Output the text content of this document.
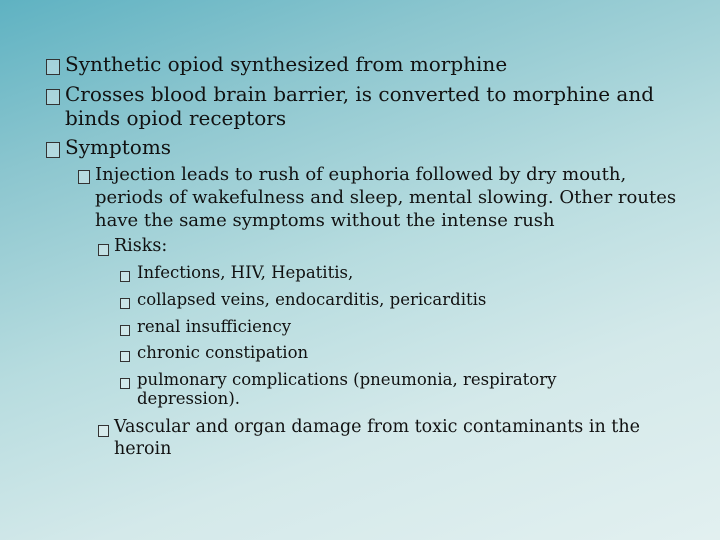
Synthetic opiod synthesized from morphine
Crosses blood brain barrier, is converted to morphine and binds opiod receptors
Symptoms
Injection leads to rush of euphoria followed by dry mouth, periods of wakefulness and sleep, mental slowing. Other routes have the same symptoms without the intense rush
Risks:
Infections, HIV, Hepatitis,
collapsed veins, endocarditis, pericarditis
renal insufficiency
chronic constipation
pulmonary complications (pneumonia, respiratory depression).
Vascular and organ damage from toxic contaminants in the heroin
